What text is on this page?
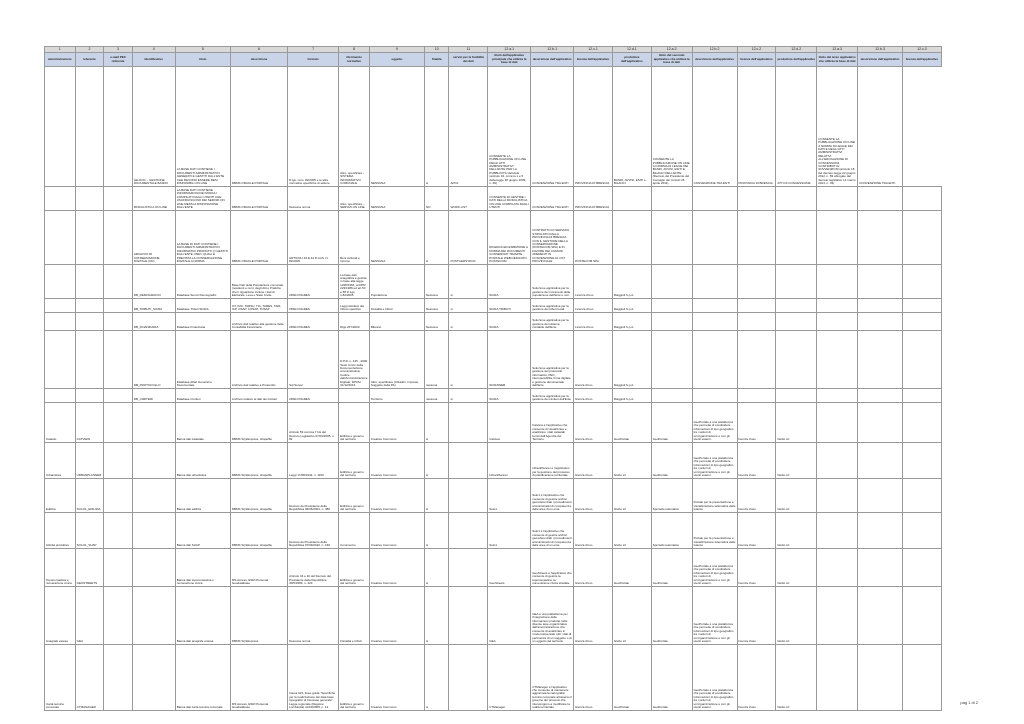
1	2	3	4	5	6	7	8	9	10	11	12.a.1	12.b.1	12.c.1	12.d.1	12.a.2	12.b.2	12.c.2	12.d.2	12.a.3	12.b.3	12.c.3
amministrazione	referente	e-mail PEC referente	Identificativo	titolo	descrizione	formato	riferimento normativo	oggetto	finalita	servizi per la fruibilità dei dati	titolo dell'applicativo principale che utilizza la base di dati	descrizione dell'applicativo	licenza dell'applicativo	produttore dell'applicativo	titolo del secondo applicativo che utilizza la base di dati	descrizione dell'applicativo	licenza dell'applicativo	produttore dell'applicativo	titolo del terzo applicativo che utilizza la base di dati	descrizione dell'applicativo	licenza dell'applicativo
			GE-DOC – GESTIONE DOCUMENTALE BASDO	LA BASE DATI CONTIENE I DOCUMENTI AMMINISTRATIVI GENERATI E GESTITI DALL'ENTE CHE DEVONO ESSERE RESI DISPONIBILI ON LINE	DBMS ORACLE PORTALE	D.lgs. num. 82/2005 e le altre normative specifiche di settore	Altro: specificare - SISTEMA INFORMATIVO COMUNALE	NESSUNA	si	APOL	CONSENTE LA PUBBLICAZIONE ON LINE DEGLI ATTI AMMINISTRATIVI DELL'ENTE PER LA PUBBLICITÀ LEGALE (articolo 32, comma 1 e 5 della legge 18 giugno 2009, n. 69)	CONVENZIONE TRA ENTI	PROVINCIA DI BRESCIA	BANDI, AVVISI, ESITI e BILANCI	CONSENTE LA PUBBLICAZIONE ON LINE AI NORMA DI LEGGE DEI BANDI, AVVISI, ESITI E BILANCI DELL'ENTE (Decreto del Presidente del Consiglio dei ministri 26 aprile 2011)	CONVENZIONE TRA ENTI	PROVINCIA DI BRESCIA	ATTI DI CONCESSIONE	CONSENTE LA PUBBLICAZIONE ON LINE A NORMA DI LEGGE DEI DATI E DEGLI ATTI AMMINISTRATIVI RELATIVI ALL'EROGAZIONE DI CONCESSIONI, CONTRIBUTI E SOVVENZIONI (articolo 18 del decreto-legge 22 giugno 2012, n. 83 abrogato dal decreto legislativo 14 marzo 2013, n. 33)	CONVENZIONE TRA ENTI	
			MODULISTICA ON LINE	LA BASE DATI CONTIENE INFORMAZIONI DEI MODULI COMPILATI DAGLI UTENTI CHE USUFRUISCONO DEI SERVIZI ON LINE MESSI A DISPOSIZIONE DALL'ENTE	DBMS ORACLE PORTALE	Nessuna norma	Altro: specificare – SERVIZI ON LINE	NESSUNA	NO	WORK LIST	CONSENTE DI GESTIRE I DATI DELLA MODULISTICA ON LINE COMPILATA DAGLI UTENTI	CONVENZIONE TRA ENTI	PROVINCIA DI BRESCIA								
			ARCHIVIO DI CONSERVAZIONE DIGITALE (CD)	LA BASE DI DATI CONTIENE I DOCUMENTI AMMINISTRATIVI INFORMATICI PRODOTTI O GESTITI DALL'ENTE, PER I QUALI È PREVISTA LA CONSERVAZIONE DIGITALE A NORMA	DBMS ORACLE PORTALE	ARTICOLI 43 E 44 D.LGS. N. 82/2005	Beni culturali e turismo	NESSUNA	si	POSTGERSYDOC	RICERCA ED ESIBIZIONE A NORMA DEI DOCUMENTI CONSERVATI TRAMITE PORTALE WEB DEDICATO POSTECOM	CONTRATTO DI SERVIZIO STIPULATO DALLA PROVINCIA DI BRESCIA CON IL GESTORE DELLA CONSERVAZIONE (POSTECOM SPA) E IN FAVORE DEI COMUNI ADERENTI IN CONVENZIONE AL CST PROVINCIALE	POSTECOM SPA								
			DB_DEMOGRAFICI	Database Servizi Demografici	Base Dati della Popolazione comunale (residenti e non), degli Atti e Pratiche che li riguardano incluse i dati di Elettorale, Leva e Stato Civile.	OPEN INGRES	La base dati anagrafica è gestita in base alla legge 1228/1954, al DPR 223/1989 ed art.50 e 58 D.Lgs. n.82/2005	Popolazione	Nessuna	si	SICRA	Soluzione applicativa per la gestione dei movimenti della popolazione dell'Ente e non.	Licenza d'uso	Maggioli S.p.A.							
			DB_TRIBUTI_SICRA	Database Tributi SICRA	ICI, IMU, TARSU, TIA, TARES, TARI, ICP, OSAP, COSAP, TOSAP	OPEN INGRES	Leggi istitutive dei tributo specifico	Fiscalità e tributi	Nessuna	si	SICRA TRIBUTI	Soluzione applicativa per la gestione dei tributi locali	Licenza d'uso	Maggioli S.p.A.							
			DB_FINANZIARIA	Database Finanziaria	Archivio dati relativo alla gestione della Contabilità Finanziaria	OPEN INGRES	Dlgs 267/2000	Bilancio	Nessuna	si	SICRA	Soluzione applicativa per la gestione del sistema contabile dell'Ente	Licenza d'uso	Maggioli S.p.A.							
			DB_PROTOCOLLO	Database Affari Generali e Documentale	Archivio dati relativo a Protocollo	Sql Server	D.P.R. n. 445 - 2000 Testo Unico della Documentazione amministrativa; Codice dell'Amministrazione Digitale; DPCM 31/12/2013	Altro: specificare (Cittadini, Imprese, Soggetto della PA)	nessuna	si	SICRAWEB	Soluzione applicativa per la gestione del protocollo informatico, PEC, interoperabilità, firma digitale e gestione documentale dell'Ente	licenza d'uso	Maggioli S.p.A.							
			DB_CIMITERI	Database Cimiteri	Archivio relativo ai dati dei cimiteri	OPEN INGRES		Territorio	nessuna	si	SICRA	Soluzione applicativa per la gestione dei cimiteri dell'Ente	licenza d'uso	Maggioli S.p.A.							
Catasto	CATVIEW			Banca dati catastale	DBMS SQLExpress, shapefile	Articolo 59 comma 7 bis del Decreto Legislativo 07/03/2005, n. 82	Edilizia e governo del territorio	Creative Commons	si		Catview	Catview è l'applicativo che consente di visualizzare e analizzare i dati catastali forniti dall'Agenzia del Territorio.	licenza d'uso	GeoPortale	GeoPortale	GeoPortale è una piattaforma che permette di condividere informazioni di tipo geografico tra i settori di un'organizzazione e con gli utenti esterni.	licenza d'uso	Globo srl			
Urbanistica	URBANPLANNER			Banca dati urbanistica	DBMS SQLExpress, shapefile	Leggi 17/08/1942, n. 1150	Edilizia e governo del territorio	Creative Commons	si		UrbanPlanner	UrbanPlanner è l'applicativo per la gestione del processo di pianificazione territoriale	licenza d'uso	Globo srl	GeoPortale	GeoPortale è una piattaforma che permette di condividere informazioni di tipo geografico tra i settori di un'organizzazione e con gli utenti esterni.	licenza d'uso	Globo srl			
Edilizia	SOLO1_EDILIZIA			Banca dati edilizia	DBMS SQLExpress, shapefile	Decreto del Presidente della Repubblica 06/06/2001, n. 380	Edilizia e governo del territorio	Creative Commons	si		Solo1	Solo1 è l'applicativo che consente di gestire archivi georeferenziati i procedimenti amministrativi di competenza delle aree di un ente	licenza d'uso	Globo srl	Sportello telematico	Portale per la presentazione e visualizzazione telematica delle istanze	licenza d'uso	Globo srl			
Attività produttive	SOLO1_SUAP			Banca dati SUAP	DBMS SQLExpress, shapefile	Decreto del Presidente della Repubblica 07/09/2010, n. 160	Commercio	Creative Commons	si		Solo1	Solo1 è l'applicativo che consente di gestire archivi georeferenziati i procedimenti amministrativi di competenza delle aree di un ente	licenza d'uso	Globo srl	Sportello telematico	Portale per la presentazione e visualizzazione telematica delle istanze	licenza d'uso	Globo srl			
Toponomastica e numerazione civica	GEOSTREETS			Banca dati toponomastica e numerazione civica	MS Access, ESRI Personal Geodatabase	Articolo 43 e 10 del Decreto del Presidente della Repubblica 30/5/1989, n. 223	Edilizia e governo del territorio	Creative Commons	si		GeoStreets	GeoStreets è l'applicativo che consente di gestire la toponomastica, la numerazione civica stradale	licenza d'uso	GeoPortale	GeoPortale	GeoPortale è una piattaforma che permette di condividere informazioni di tipo geografico tra i settori di un'organizzazione e con gli utenti esterni.	licenza d'uso	Globo srl			
Anagrafe estesa	GEA			Banca dati anagrafe estesa	DBMS SQLExpress	Nessuna norma	Fiscalità e tributi	Creative Commons	si		GEA	GEA è una piattaforma per l'integrazione delle informazioni prodotte nelle diverse aree organizzative dell'amministrazione che consente di analizzare in modo trasversale tutti i dati di pertinenza di un soggetto o di un oggetto del territorio	licenza d'uso	Globo srl	GeoPortale	GeoPortale è una piattaforma che permette di condividere informazioni di tipo geografico tra i settori di un'organizzazione e con gli utenti esterni.	licenza d'uso	Globo srl			
Carta tecnica comunale	CTMANAGER			Banca dati carta tecnica comunale	MS Access, ESRI Personal Geodatabase	Intesa GIS, linee guida "Specifiche per la realizzazione dei data base topografici di interesse generale", Legge regionale (Regione Lombardia) 11/03/2005, n. 12	Edilizia e governo del territorio	Creative Commons	si		CTManager	CTManager è l'applicativo che consente di mantenere aggiornata la cartografia tecnica comunale attraverso il governo dei processi che intervengono a modificare la realtà territoriale	licenza d'uso	GeoPortale	GeoPortale	GeoPortale è una piattaforma che permette di condividere informazioni di tipo geografico tra i settori di un'organizzazione e con gli utenti esterni.	licenza d'uso	Globo srl			
pag 1 di 2
